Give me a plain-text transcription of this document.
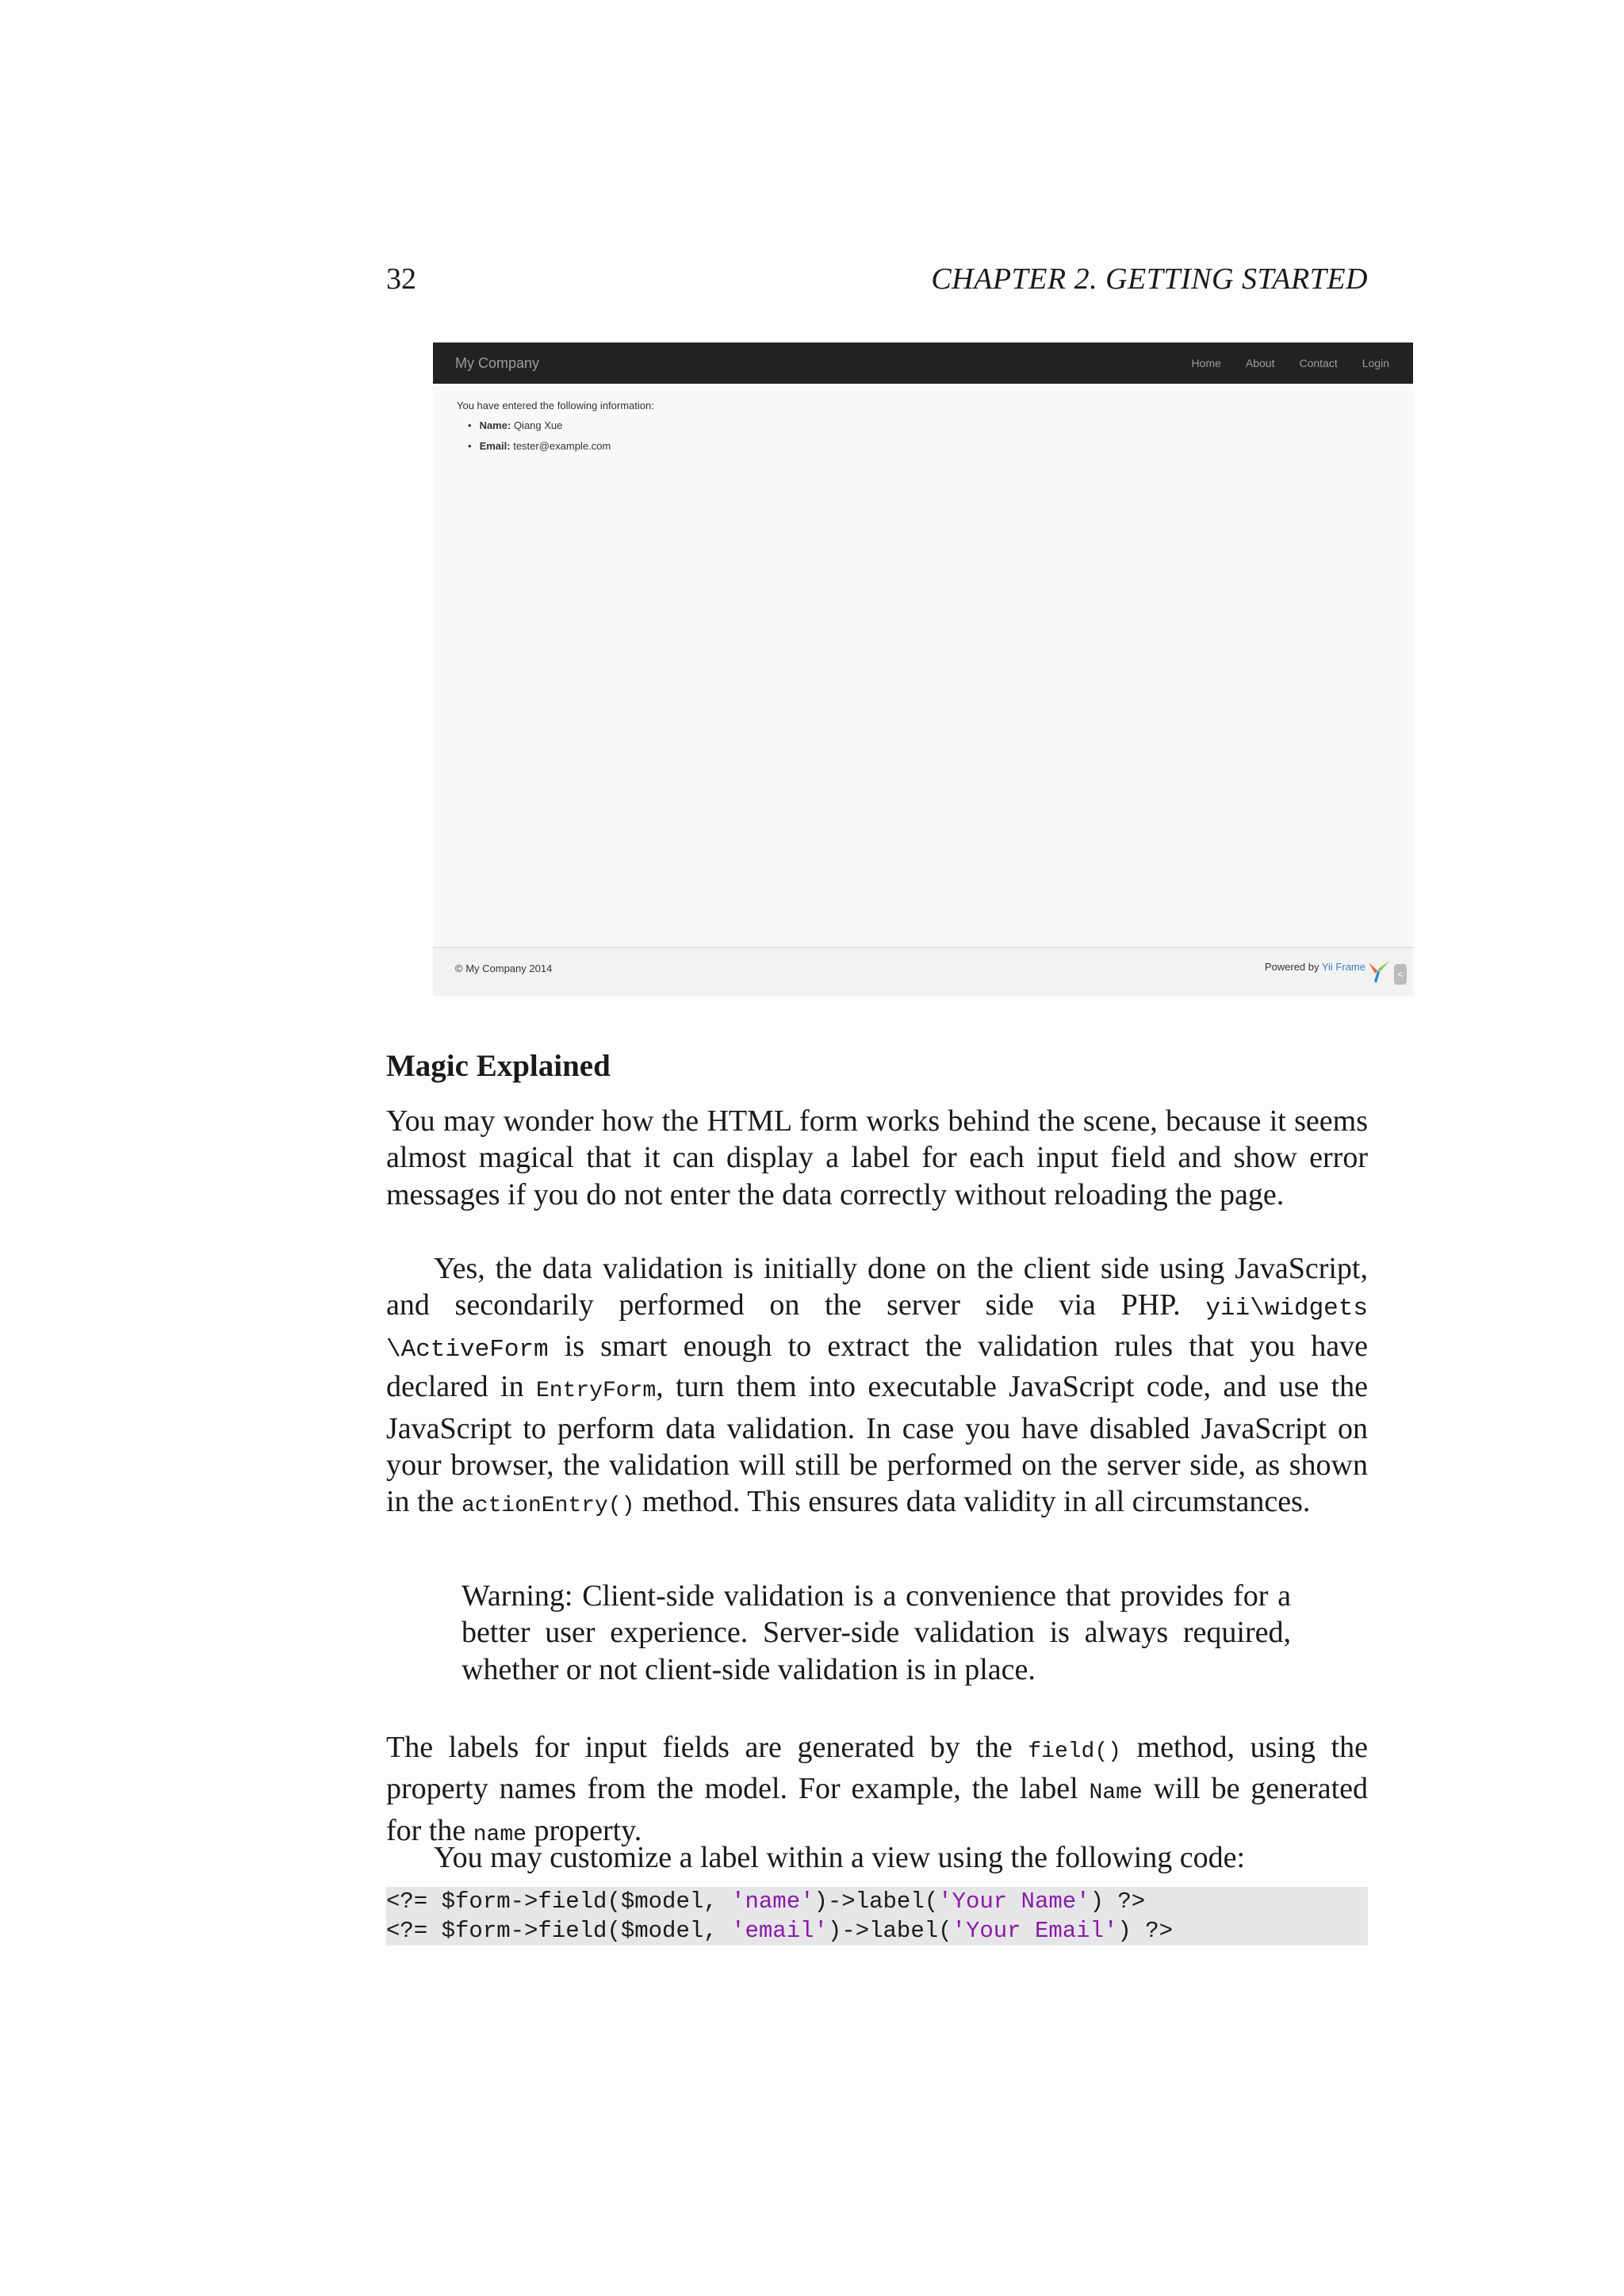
32	CHAPTER 2. GETTING STARTED
My Company	Home About Contact Login
You have entered the following information:
• Name: Qiang Xue
• Email: tester@example.com
© My Company 2014	Powered by Yii Frame
<
Magic Explained

You may wonder how the HTML form works behind the scene, because it seems almost magical that it can display a label for each input field and show error messages if you do not enter the data correctly without reloading the page.

Yes, the data validation is initially done on the client side using JavaScript, and secondarily performed on the server side via PHP. yii\widgets \ActiveForm is smart enough to extract the validation rules that you have declared in EntryForm, turn them into executable JavaScript code, and use the JavaScript to perform data validation. In case you have disabled JavaScript on your browser, the validation will still be performed on the server side, as shown in the actionEntry() method. This ensures data validity in all circumstances.

Warning: Client-side validation is a convenience that provides for a better user experience. Server-side validation is always required, whether or not client-side validation is in place.

The labels for input fields are generated by the field() method, using the property names from the model. For example, the label Name will be generated for the name property.

You may customize a label within a view using the following code:

<?= $form->field($model, 'name')->label('Your Name') ?>
<?= $form->field($model, 'email')->label('Your Email') ?>
